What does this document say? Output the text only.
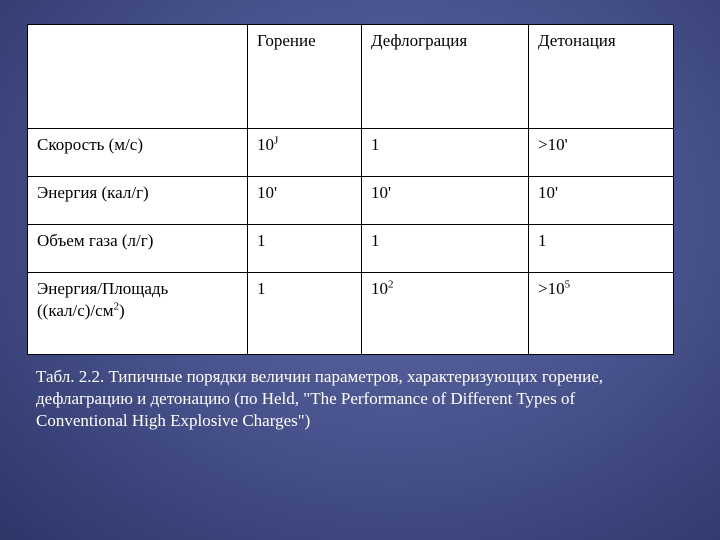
	Горение	Дефлограция	Детонация
Скорость (м/с)	$10^J$	1	>10'
Энергия (кал/г)	10'	10'	10'
Объем газа (л/г)	1	1	1
Энергия/Площадь
$((кал/с)/см^2)$	1	$10^2$	$>10^5$
Табл. 2.2. Типичные порядки величин параметров, характеризующих горение, дефлаграцию и детонацию (по Held, "The Performance of Different Types of Conventional High Explosive Charges")
